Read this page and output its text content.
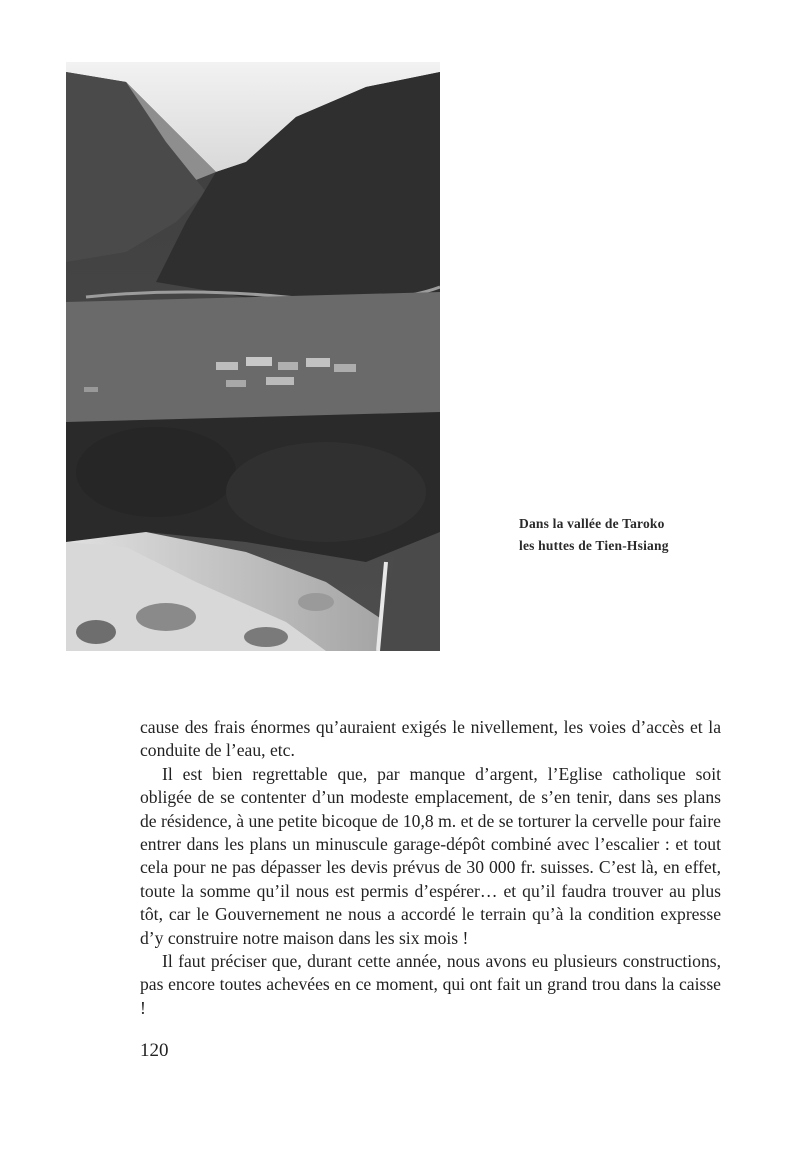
Dans la vallée de Taroko
les huttes de Tien-Hsiang

cause des frais énormes qu’auraient exigés le nivellement, les voies d’accès et la conduite de l’eau, etc.

Il est bien regrettable que, par manque d’argent, l’Eglise catholique soit obligée de se contenter d’un modeste emplacement, de s’en tenir, dans ses plans de résidence, à une petite bicoque de 10,8 m. et de se torturer la cervelle pour faire entrer dans les plans un minuscule garage-dépôt combiné avec l’escalier : et tout cela pour ne pas dépasser les devis prévus de 30 000 fr. suisses. C’est là, en effet, toute la somme qu’il nous est permis d’espérer… et qu’il faudra trouver au plus tôt, car le Gouvernement ne nous a accordé le terrain qu’à la condition expresse d’y construire notre maison dans les six mois !

Il faut préciser que, durant cette année, nous avons eu plusieurs constructions, pas encore toutes achevées en ce moment, qui ont fait un grand trou dans la caisse !

120
